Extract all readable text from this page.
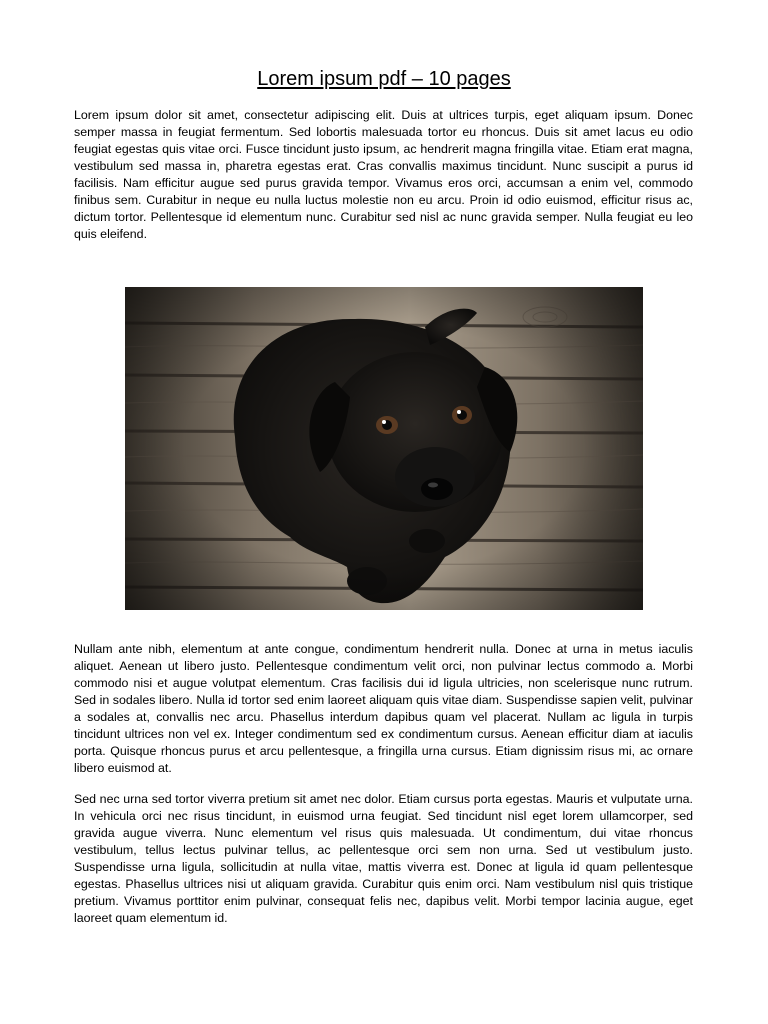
Lorem ipsum pdf – 10 pages

Lorem ipsum dolor sit amet, consectetur adipiscing elit. Duis at ultrices turpis, eget aliquam ipsum. Donec semper massa in feugiat fermentum. Sed lobortis malesuada tortor eu rhoncus. Duis sit amet lacus eu odio feugiat egestas quis vitae orci. Fusce tincidunt justo ipsum, ac hendrerit magna fringilla vitae. Etiam erat magna, vestibulum sed massa in, pharetra egestas erat. Cras convallis maximus tincidunt. Nunc suscipit a purus id facilisis. Nam efficitur augue sed purus gravida tempor. Vivamus eros orci, accumsan a enim vel, commodo finibus sem. Curabitur in neque eu nulla luctus molestie non eu arcu. Proin id odio euismod, efficitur risus ac, dictum tortor. Pellentesque id elementum nunc. Curabitur sed nisl ac nunc gravida semper. Nulla feugiat eu leo quis eleifend.

Nullam ante nibh, elementum at ante congue, condimentum hendrerit nulla. Donec at urna in metus iaculis aliquet. Aenean ut libero justo. Pellentesque condimentum velit orci, non pulvinar lectus commodo a. Morbi commodo nisi et augue volutpat elementum. Cras facilisis dui id ligula ultricies, non scelerisque nunc rutrum. Sed in sodales libero. Nulla id tortor sed enim laoreet aliquam quis vitae diam. Suspendisse sapien velit, pulvinar a sodales at, convallis nec arcu. Phasellus interdum dapibus quam vel placerat. Nullam ac ligula in turpis tincidunt ultrices non vel ex. Integer condimentum sed ex condimentum cursus. Aenean efficitur diam at iaculis porta. Quisque rhoncus purus et arcu pellentesque, a fringilla urna cursus. Etiam dignissim risus mi, ac ornare libero euismod at.

Sed nec urna sed tortor viverra pretium sit amet nec dolor. Etiam cursus porta egestas. Mauris et vulputate urna. In vehicula orci nec risus tincidunt, in euismod urna feugiat. Sed tincidunt nisl eget lorem ullamcorper, sed gravida augue viverra. Nunc elementum vel risus quis malesuada. Ut condimentum, dui vitae rhoncus vestibulum, tellus lectus pulvinar tellus, ac pellentesque orci sem non urna. Sed ut vestibulum justo. Suspendisse urna ligula, sollicitudin at nulla vitae, mattis viverra est. Donec at ligula id quam pellentesque egestas. Phasellus ultrices nisi ut aliquam gravida. Curabitur quis enim orci. Nam vestibulum nisl quis tristique pretium. Vivamus porttitor enim pulvinar, consequat felis nec, dapibus velit. Morbi tempor lacinia augue, eget laoreet quam elementum id.
